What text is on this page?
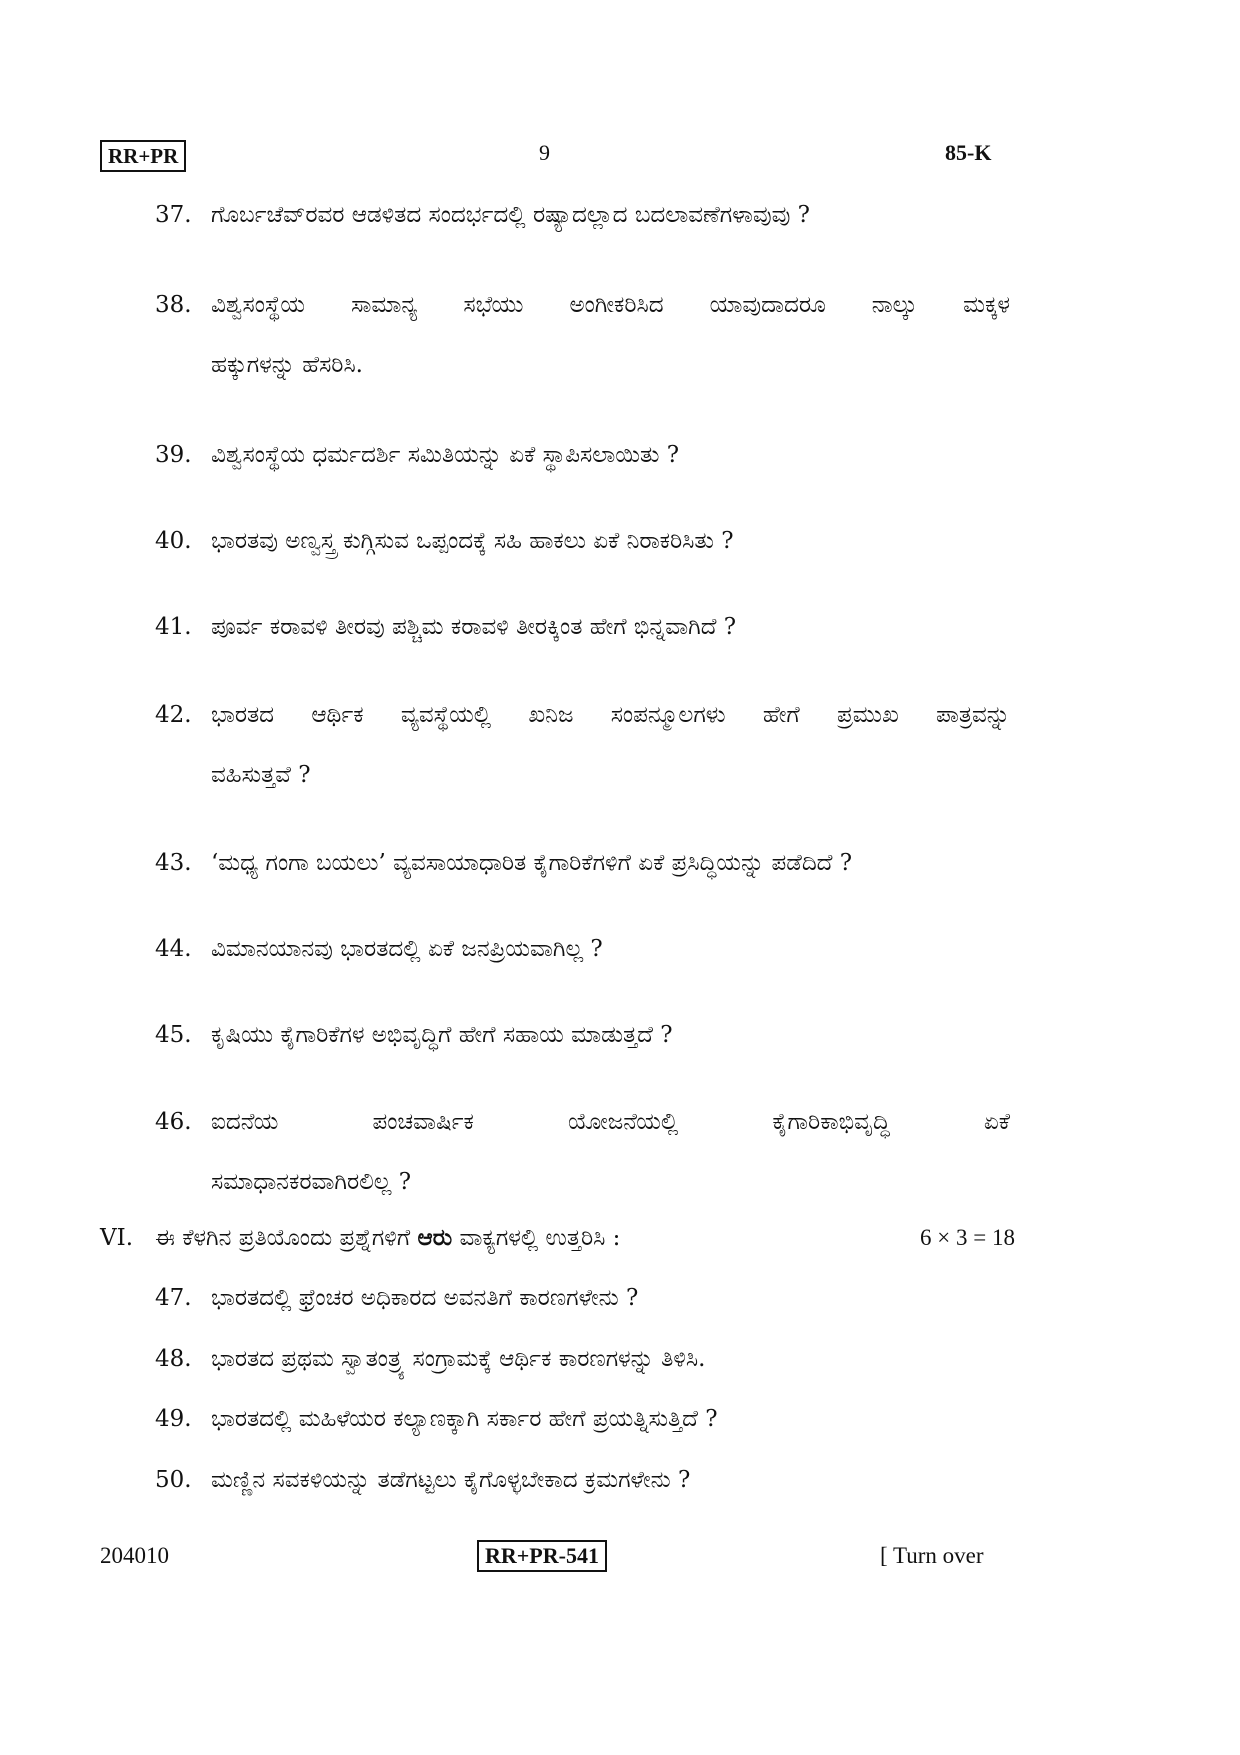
RR+PR	9	85-K
37. ಗೊರ್ಬಚೆವ್‌ರವರ ಆಡಳಿತದ ಸಂದರ್ಭದಲ್ಲಿ ರಷ್ಯಾದಲ್ಲಾದ ಬದಲಾವಣೆಗಳಾವುವು ?
38. ವಿಶ್ವಸಂಸ್ಥೆಯ ಸಾಮಾನ್ಯ ಸಭೆಯು ಅಂಗೀಕರಿಸಿದ ಯಾವುದಾದರೂ ನಾಲ್ಕು ಮಕ್ಕಳ
ಹಕ್ಕುಗಳನ್ನು ಹೆಸರಿಸಿ.
39. ವಿಶ್ವಸಂಸ್ಥೆಯ ಧರ್ಮದರ್ಶಿ ಸಮಿತಿಯನ್ನು ಏಕೆ ಸ್ಥಾಪಿಸಲಾಯಿತು ?
40. ಭಾರತವು ಅಣ್ವಸ್ತ್ರ ಕುಗ್ಗಿಸುವ ಒಪ್ಪಂದಕ್ಕೆ ಸಹಿ ಹಾಕಲು ಏಕೆ ನಿರಾಕರಿಸಿತು ?
41. ಪೂರ್ವ ಕರಾವಳಿ ತೀರವು ಪಶ್ಚಿಮ ಕರಾವಳಿ ತೀರಕ್ಕಿಂತ ಹೇಗೆ ಭಿನ್ನವಾಗಿದೆ ?
42. ಭಾರತದ ಆರ್ಥಿಕ ವ್ಯವಸ್ಥೆಯಲ್ಲಿ ಖನಿಜ ಸಂಪನ್ಮೂಲಗಳು ಹೇಗೆ ಪ್ರಮುಖ ಪಾತ್ರವನ್ನು
ವಹಿಸುತ್ತವೆ ?
43. ‘ಮಧ್ಯ ಗಂಗಾ ಬಯಲು’ ವ್ಯವಸಾಯಾಧಾರಿತ ಕೈಗಾರಿಕೆಗಳಿಗೆ ಏಕೆ ಪ್ರಸಿದ್ಧಿಯನ್ನು ಪಡೆದಿದೆ ?
44. ವಿಮಾನಯಾನವು ಭಾರತದಲ್ಲಿ ಏಕೆ ಜನಪ್ರಿಯವಾಗಿಲ್ಲ ?
45. ಕೃಷಿಯು ಕೈಗಾರಿಕೆಗಳ ಅಭಿವೃದ್ಧಿಗೆ ಹೇಗೆ ಸಹಾಯ ಮಾಡುತ್ತದೆ ?
46. ಐದನೆಯ ಪಂಚವಾರ್ಷಿಕ ಯೋಜನೆಯಲ್ಲಿ ಕೈಗಾರಿಕಾಭಿವೃದ್ಧಿ ಏಕೆ
ಸಮಾಧಾನಕರವಾಗಿರಲಿಲ್ಲ ?
VI. ಈ ಕೆಳಗಿನ ಪ್ರತಿಯೊಂದು ಪ್ರಶ್ನೆಗಳಿಗೆ ಆರು ವಾಕ್ಯಗಳಲ್ಲಿ ಉತ್ತರಿಸಿ :	6 × 3 = 18
47. ಭಾರತದಲ್ಲಿ ಫ್ರೆಂಚರ ಅಧಿಕಾರದ ಅವನತಿಗೆ ಕಾರಣಗಳೇನು ?
48. ಭಾರತದ ಪ್ರಥಮ ಸ್ವಾತಂತ್ರ್ಯ ಸಂಗ್ರಾಮಕ್ಕೆ ಆರ್ಥಿಕ ಕಾರಣಗಳನ್ನು ತಿಳಿಸಿ.
49. ಭಾರತದಲ್ಲಿ ಮಹಿಳೆಯರ ಕಲ್ಯಾಣಕ್ಕಾಗಿ ಸರ್ಕಾರ ಹೇಗೆ ಪ್ರಯತ್ನಿಸುತ್ತಿದೆ ?
50. ಮಣ್ಣಿನ ಸವಕಳಿಯನ್ನು ತಡೆಗಟ್ಟಲು ಕೈಗೊಳ್ಳಬೇಕಾದ ಕ್ರಮಗಳೇನು ?
204010	RR+PR-541	[ Turn over
